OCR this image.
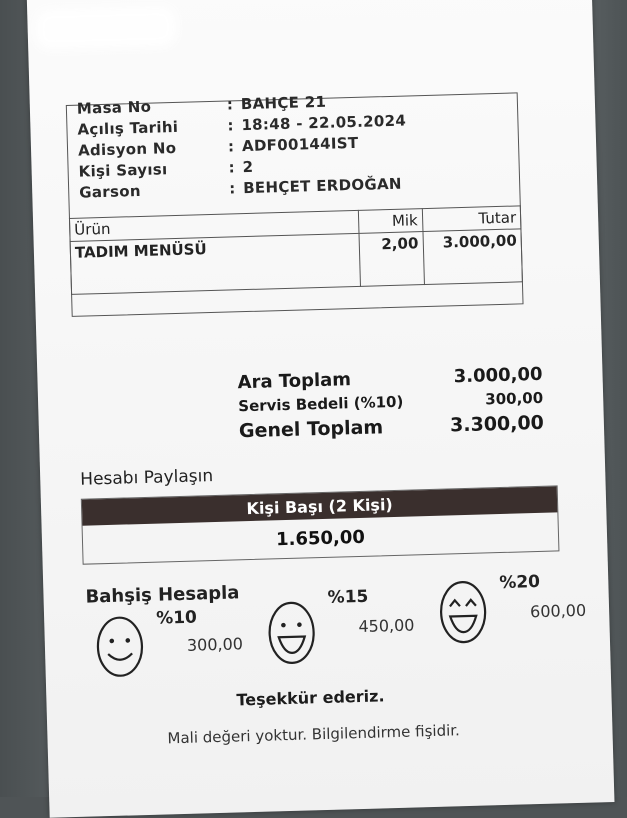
Masa No	: BAHÇE 21
Açılış Tarihi	: 18:48 - 22.05.2024
Adisyon No	: ADF00144IST
Kişi Sayısı	: 2
Garson	: BEHÇET ERDOĞAN
Ürün	Mik	Tutar
TADIM MENÜSÜ	2,00	3.000,00
Ara Toplam	3.000,00
Servis Bedeli (%10)	300,00
Genel Toplam	3.300,00
Hesabı Paylaşın
Kişi Başı (2 Kişi)
1.650,00
Bahşiş Hesapla
%10
300,00
%15
450,00
%20
600,00
Teşekkür ederiz.
Mali değeri yoktur. Bilgilendirme fişidir.
